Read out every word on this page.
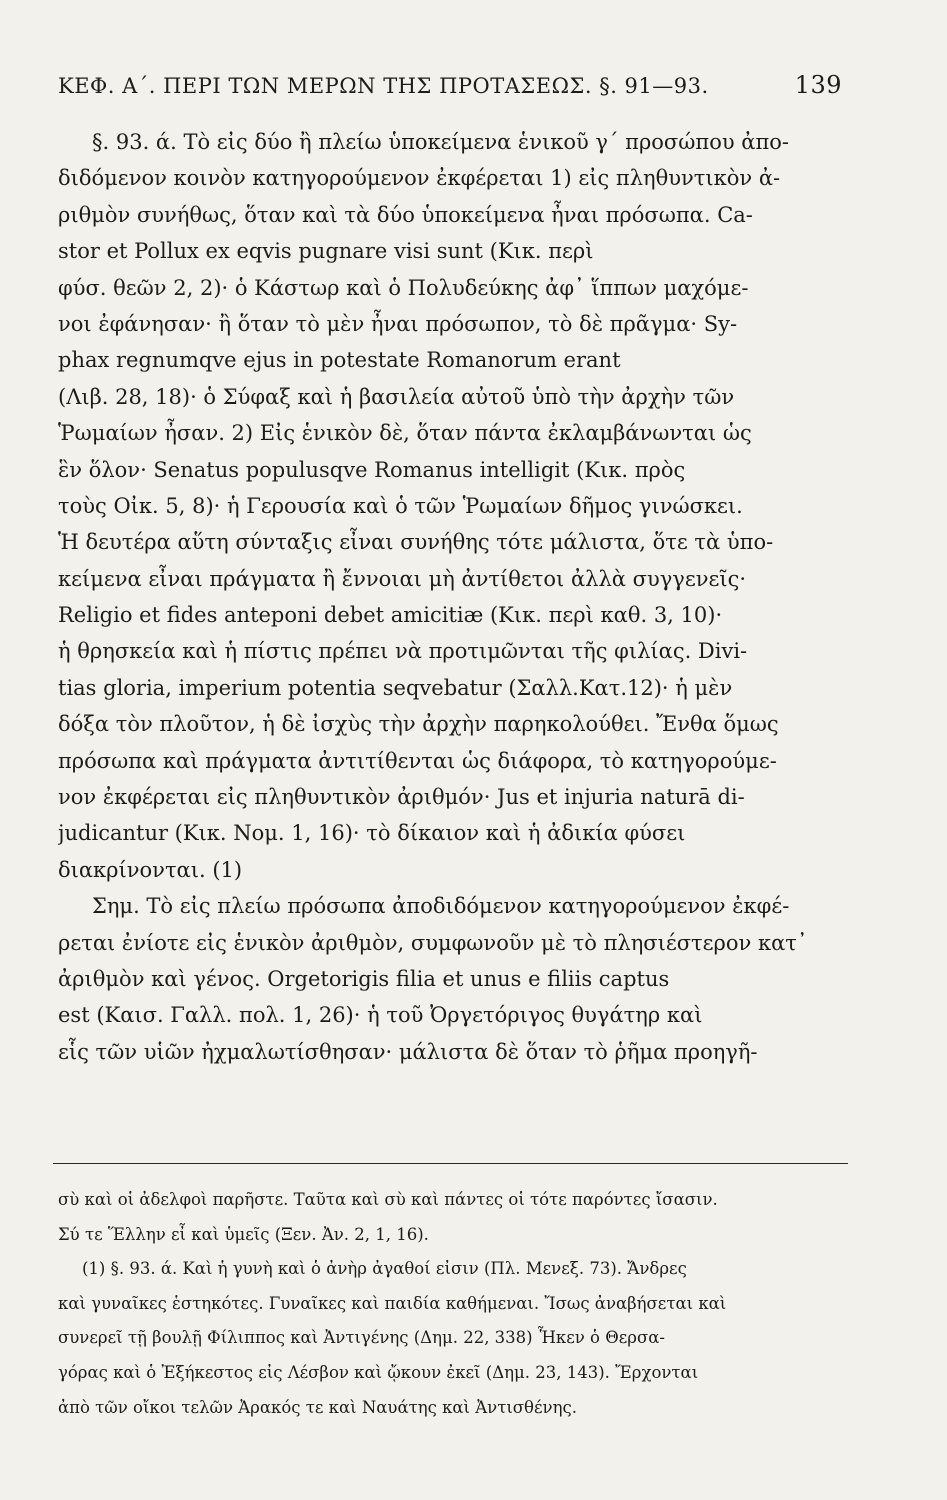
ΚΕΦ. Α΄. ΠΕΡΙ ΤΩΝ ΜΕΡΩΝ ΤΗΣ ΠΡΟΤΑΣΕΩΣ. §. 91—93.	139
§. 93. ά. Τὸ εἰς δύο ἢ πλείω ὑποκείμενα ἑνικοῦ γ΄ προσώπου ἀπο-
διδόμενον κοινὸν κατηγορούμενον ἐκφέρεται 1) εἰς πληθυντικὸν ἀ-
ριθμὸν συνήθως, ὅταν καὶ τὰ δύο ὑποκείμενα ἦναι πρόσωπα. Ca-
stor et Pollux ex eqvis pugnare visi sunt (Κικ. περὶ
φύσ. θεῶν 2, 2)· ὁ Κάστωρ καὶ ὁ Πολυδεύκης ἀφ᾽ ἵππων μαχόμε-
νοι ἐφάνησαν· ἢ ὅταν τὸ μὲν ἦναι πρόσωπον, τὸ δὲ πρᾶγμα· Sy-
phax regnumqve ejus in potestate Romanorum erant
(Λιβ. 28, 18)· ὁ Σύφαξ καὶ ἡ βασιλεία αὐτοῦ ὑπὸ τὴν ἀρχὴν τῶν
Ῥωμαίων ἦσαν. 2) Εἰς ἑνικὸν δὲ, ὅταν πάντα ἐκλαμβάνωνται ὡς
ἓν ὅλον· Senatus populusqve Romanus intelligit (Κικ. πρὸς
τοὺς Οἰκ. 5, 8)· ἡ Γερουσία καὶ ὁ τῶν Ῥωμαίων δῆμος γινώσκει.
Ἡ δευτέρα αὕτη σύνταξις εἶναι συνήθης τότε μάλιστα, ὅτε τὰ ὑπο-
κείμενα εἶναι πράγματα ἢ ἔννοιαι μὴ ἀντίθετοι ἀλλὰ συγγενεῖς·
Religio et fides anteponi debet amicitiæ (Κικ. περὶ καθ. 3, 10)·
ἡ θρησκεία καὶ ἡ πίστις πρέπει νὰ προτιμῶνται τῆς φιλίας. Divi-
tias gloria, imperium potentia seqvebatur (Σαλλ.Κατ.12)· ἡ μὲν
δόξα τὸν πλοῦτον, ἡ δὲ ἰσχὺς τὴν ἀρχὴν παρηκολούθει. Ἔνθα ὅμως
πρόσωπα καὶ πράγματα ἀντιτίθενται ὡς διάφορα, τὸ κατηγορούμε-
νον ἐκφέρεται εἰς πληθυντικὸν ἀριθμόν· Jus et injuria naturā di-
judicantur (Κικ. Νομ. 1, 16)· τὸ δίκαιον καὶ ἡ ἀδικία φύσει
διακρίνονται. (1)
Σημ. Τὸ εἰς πλείω πρόσωπα ἀποδιδόμενον κατηγορούμενον ἐκφέ-
ρεται ἐνίοτε εἰς ἑνικὸν ἀριθμὸν, συμφωνοῦν μὲ τὸ πλησιέστερον κατ᾽
ἀριθμὸν καὶ γένος. Orgetorigis filia et unus e filiis captus
est (Καισ. Γαλλ. πολ. 1, 26)· ἡ τοῦ Ὀργετόριγος θυγάτηρ καὶ
εἷς τῶν υἱῶν ἠχμαλωτίσθησαν· μάλιστα δὲ ὅταν τὸ ῥῆμα προηγῆ-
σὺ καὶ οἱ ἀδελφοὶ παρῆστε. Ταῦτα καὶ σὺ καὶ πάντες οἱ τότε παρόντες ἴσασιν.
Σύ τε Ἕλλην εἶ καὶ ὑμεῖς (Ξεν. Ἀν. 2, 1, 16).
(1) §. 93. ά. Καὶ ἡ γυνὴ καὶ ὁ ἀνὴρ ἀγαθοί εἰσιν (Πλ. Μενεξ. 73). Ἄνδρες
καὶ γυναῖκες ἑστηκότες. Γυναῖκες καὶ παιδία καθήμεναι. Ἴσως ἀναβήσεται καὶ
συνερεῖ τῇ βουλῇ Φίλιππος καὶ Ἀντιγένης (Δημ. 22, 338) Ἧκεν ὁ Θερσα-
γόρας καὶ ὁ Ἐξήκεστος εἰς Λέσβον καὶ ᾤκουν ἐκεῖ (Δημ. 23, 143). Ἔρχονται
ἀπὸ τῶν οἴκοι τελῶν Ἀρακός τε καὶ Ναυάτης καὶ Ἀντισθένης.
